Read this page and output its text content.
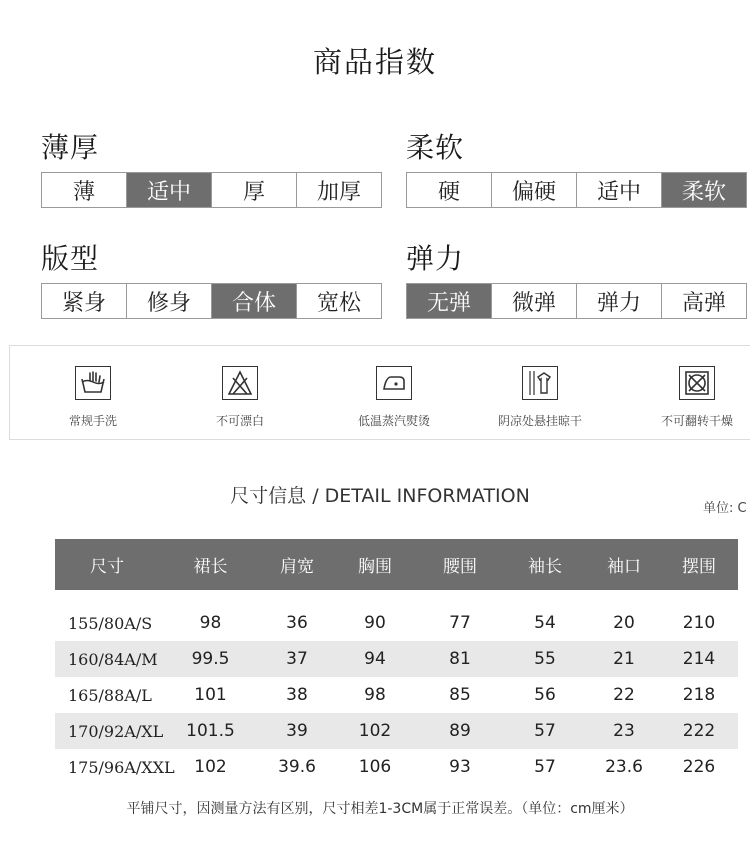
商品指数
薄厚
薄	适中	厚	加厚
柔软
硬	偏硬	适中	柔软
版型
紧身	修身	合体	宽松
弹力
无弹	微弹	弹力	高弹
常规手洗	不可漂白	低温蒸汽熨烫	阴凉处悬挂晾干	不可翻转干燥
尺寸信息 / DETAIL INFORMATION
单位: C
尺寸	裙长	肩宽	胸围	腰围	袖长	袖口	摆围
155/80A/S	98	36	90	77	54	20	210
160/84A/M	99.5	37	94	81	55	21	214
165/88A/L	101	38	98	85	56	22	218
170/92A/XL	101.5	39	102	89	57	23	222
175/96A/XXL	102	39.6	106	93	57	23.6	226
平铺尺寸，因测量方法有区别，尺寸相差1-3CM属于正常误差。（单位：cm厘米）
